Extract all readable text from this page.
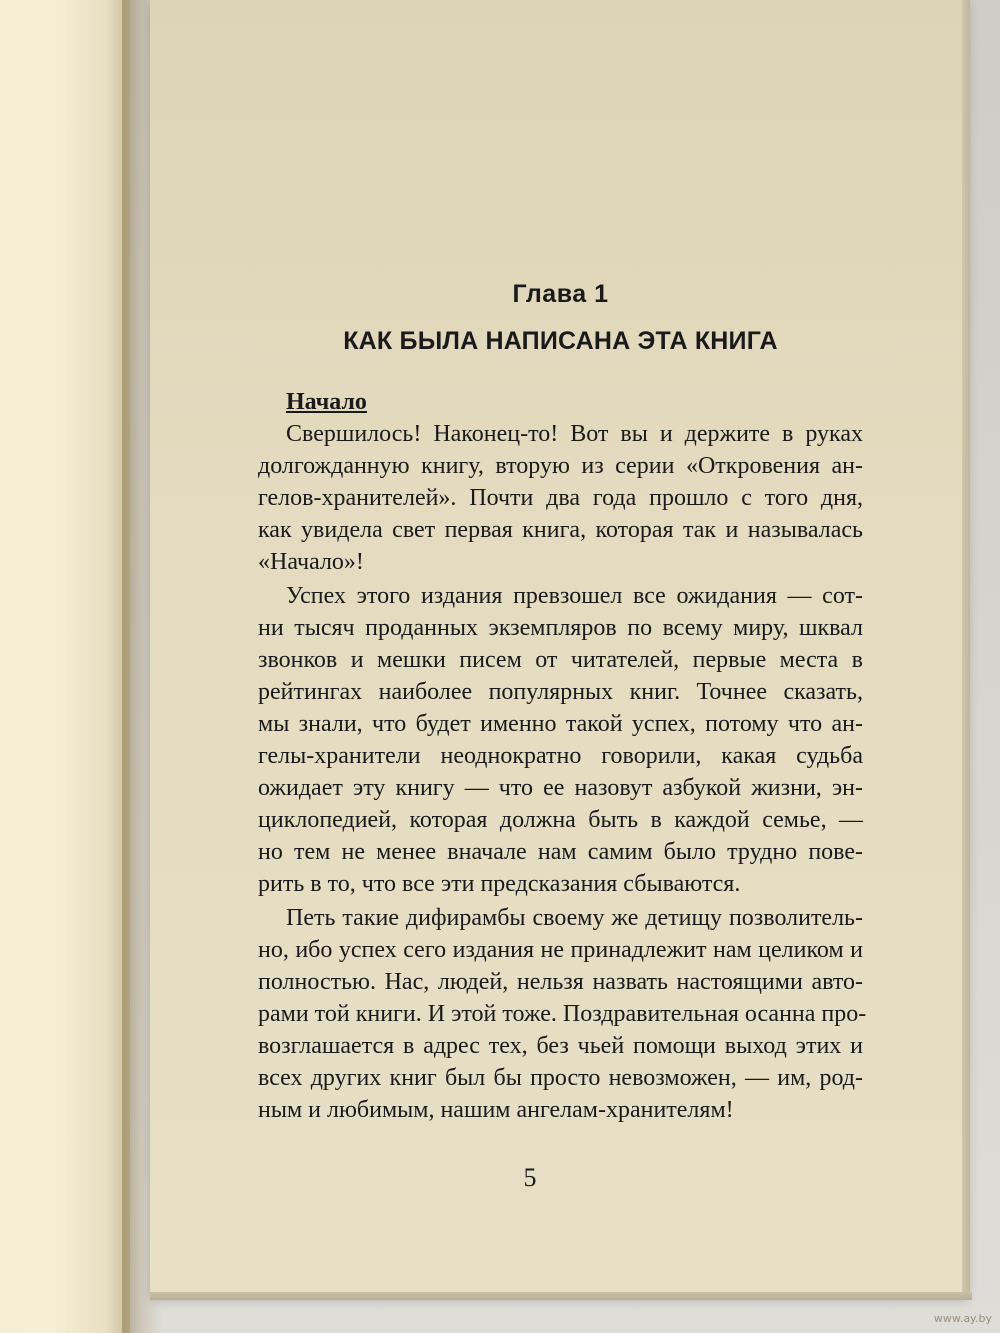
Глава 1
КАК БЫЛА НАПИСАНА ЭТА КНИГА
Начало
Свершилось! Наконец-то! Вот вы и держите в руках
долгожданную книгу, вторую из серии «Откровения ан-
гелов-хранителей». Почти два года прошло с того дня,
как увидела свет первая книга, которая так и называлась
«Начало»!
Успех этого издания превзошел все ожидания — сот-
ни тысяч проданных экземпляров по всему миру, шквал
звонков и мешки писем от читателей, первые места в
рейтингах наиболее популярных книг. Точнее сказать,
мы знали, что будет именно такой успех, потому что ан-
гелы-хранители неоднократно говорили, какая судьба
ожидает эту книгу — что ее назовут азбукой жизни, эн-
циклопедией, которая должна быть в каждой семье, —
но тем не менее вначале нам самим было трудно пове-
рить в то, что все эти предсказания сбываются.
Петь такие дифирамбы своему же детищу позволитель-
но, ибо успех сего издания не принадлежит нам целиком и
полностью. Нас, людей, нельзя назвать настоящими авто-
рами той книги. И этой тоже. Поздравительная осанна про-
возглашается в адрес тех, без чьей помощи выход этих и
всех других книг был бы просто невозможен, — им, род-
ным и любимым, нашим ангелам-хранителям!
5
www.ay.by
